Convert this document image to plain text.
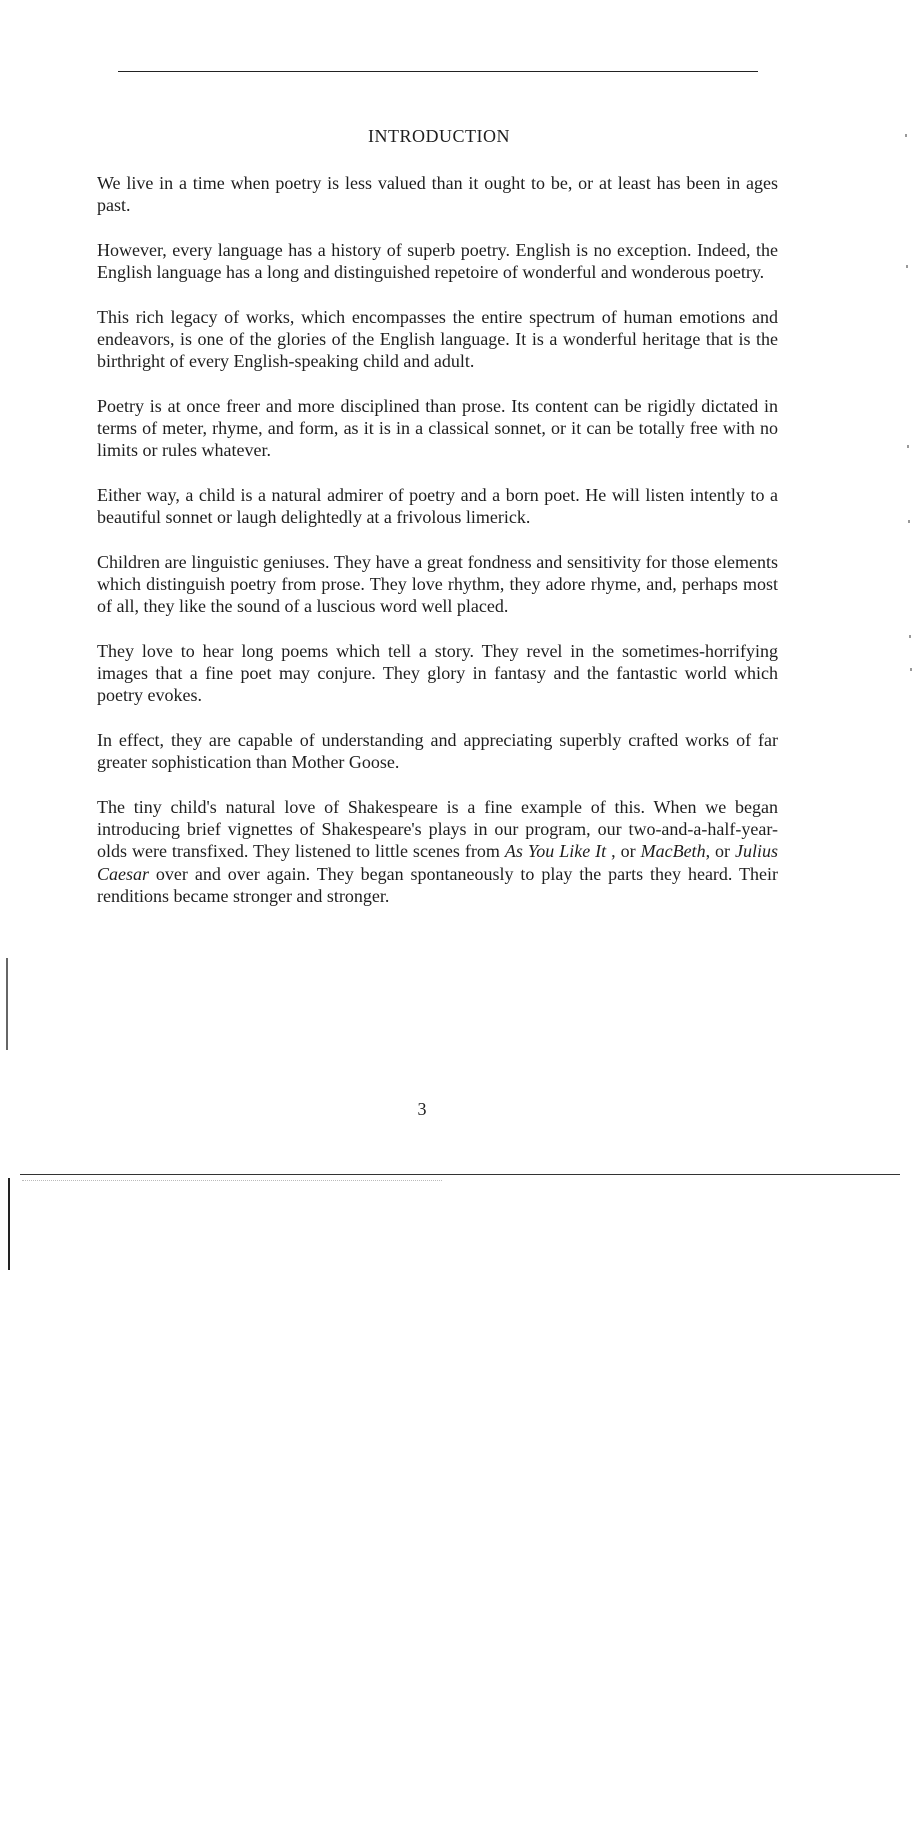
INTRODUCTION

We live in a time when poetry is less valued than it ought to be, or at least has been in ages past.

However, every language has a history of superb poetry. English is no exception. Indeed, the English language has a long and distinguished repetoire of wonderful and wonderous poetry.

This rich legacy of works, which encompasses the entire spectrum of human emotions and endeavors, is one of the glories of the English language. It is a wonderful heritage that is the birthright of every English-speaking child and adult.

Poetry is at once freer and more disciplined than prose. Its content can be rigidly dictated in terms of meter, rhyme, and form, as it is in a classical sonnet, or it can be totally free with no limits or rules whatever.

Either way, a child is a natural admirer of poetry and a born poet. He will listen intently to a beautiful sonnet or laugh delightedly at a frivolous limerick.

Children are linguistic geniuses. They have a great fondness and sensitivity for those elements which distinguish poetry from prose. They love rhythm, they adore rhyme, and, perhaps most of all, they like the sound of a luscious word well placed.

They love to hear long poems which tell a story. They revel in the sometimes-horrifying images that a fine poet may conjure. They glory in fantasy and the fantastic world which poetry evokes.

In effect, they are capable of understanding and appreciating superbly crafted works of far greater sophistication than Mother Goose.

The tiny child's natural love of Shakespeare is a fine example of this. When we began introducing brief vignettes of Shakespeare's plays in our program, our two-and-a-half-year-olds were transfixed. They listened to little scenes from As You Like It , or MacBeth, or Julius Caesar over and over again. They began spontaneously to play the parts they heard. Their renditions became stronger and stronger.

3
